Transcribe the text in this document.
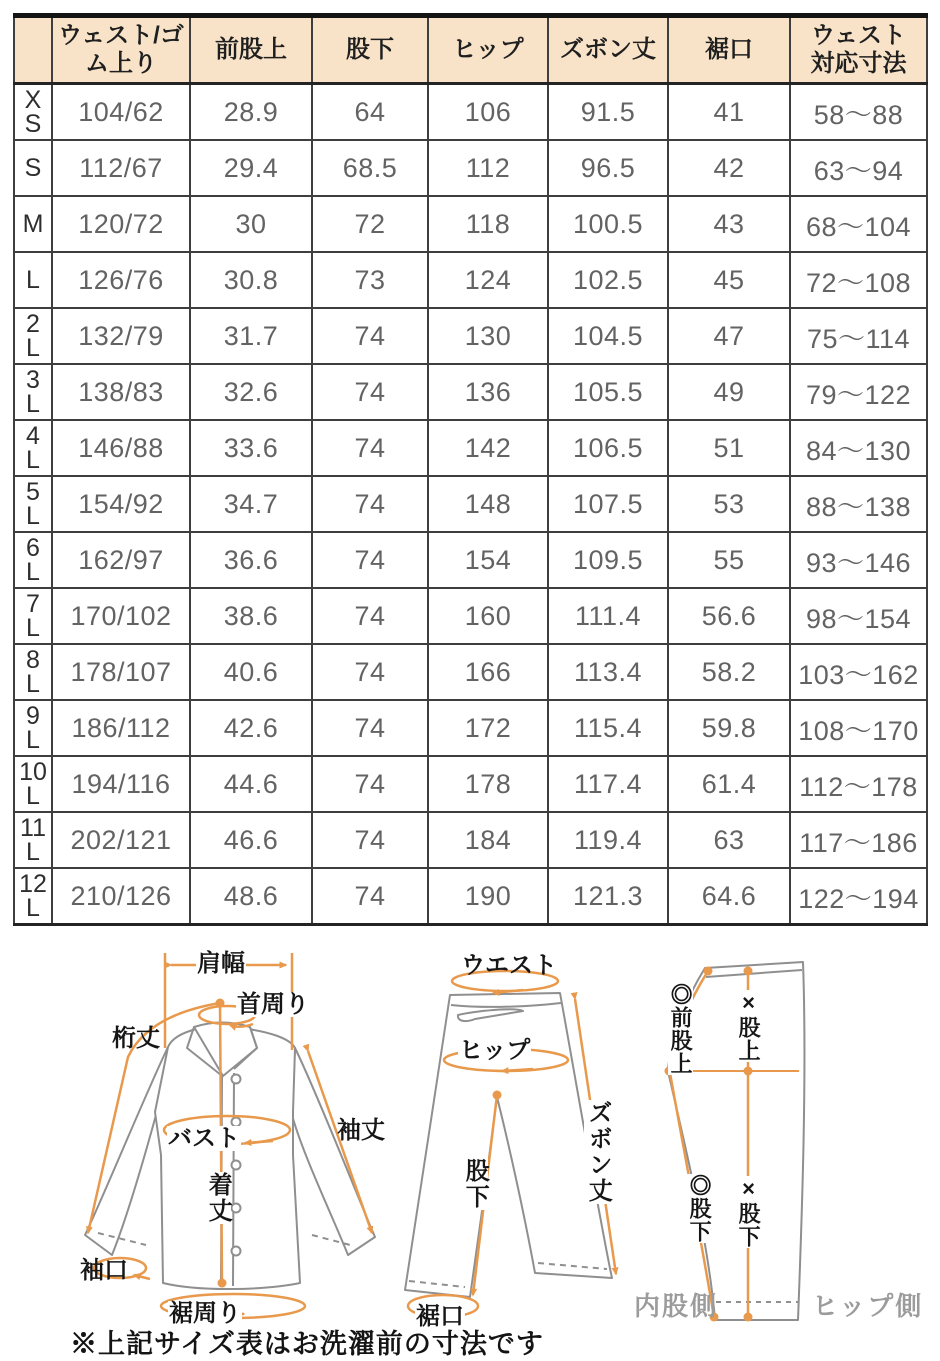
	ウェスト/ゴム上り	前股上	股下	ヒップ	ズボン丈	裾口	ウェスト対応寸法

X
S	104/62	28.9	64	106	91.5	41	58〜88

S	112/67	29.4	68.5	112	96.5	42	63〜94

M	120/72	30	72	118	100.5	43	68〜104

L	126/76	30.8	73	124	102.5	45	72〜108

2
L	132/79	31.7	74	130	104.5	47	75〜114

3
L	138/83	32.6	74	136	105.5	49	79〜122

4
L	146/88	33.6	74	142	106.5	51	84〜130

5
L	154/92	34.7	74	148	107.5	53	88〜138

6
L	162/97	36.6	74	154	109.5	55	93〜146

7
L	170/102	38.6	74	160	111.4	56.6	98〜154

8
L	178/107	40.6	74	166	113.4	58.2	103〜162

9
L	186/112	42.6	74	172	115.4	59.8	108〜170

10
L	194/116	44.6	74	178	117.4	61.4	112〜178

11
L	202/121	46.6	74	184	119.4	63	117〜186

12
L	210/126	48.6	74	190	121.3	64.6	122〜194
肩幅
首周り
桁丈
バスト	袖丈
着丈
袖口
裾周り
ウエスト
ヒップ
股下	ズボン丈
裾口
◎前股上 ×股上
◎股下 ×股下
内股側	ヒップ側
※上記サイズ表はお洗濯前の寸法です
